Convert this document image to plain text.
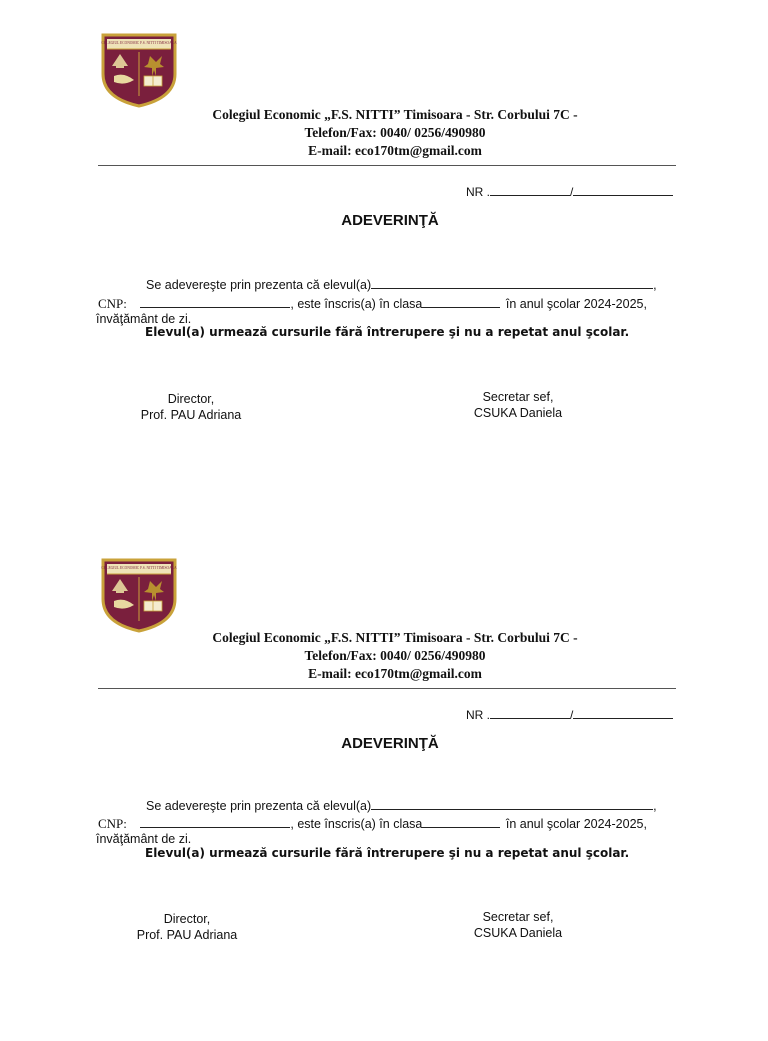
COLEGIUL ECONOMIC F.S. NITTI TIMISOARA
Colegiul Economic „F.S. NITTI” Timisoara - Str. Corbului 7C -
Telefon/Fax: 0040/ 0256/490980
E-mail: eco170tm@gmail.com
NR .	/
ADEVERINŢĂ
Se adevereşte prin prezenta că elevul(a)	,
CNP:	, este înscris(a) în clasa	în anul şcolar 2024-2025,
învăţământ de zi.
Elevul(a) urmează cursurile fără întrerupere şi nu a repetat anul şcolar.
Director,
Prof. PAU Adriana
Secretar sef,
CSUKA Daniela
COLEGIUL ECONOMIC F.S. NITTI TIMISOARA
Colegiul Economic „F.S. NITTI” Timisoara - Str. Corbului 7C -
Telefon/Fax: 0040/ 0256/490980
E-mail: eco170tm@gmail.com
NR .	/
ADEVERINŢĂ
Se adevereşte prin prezenta că elevul(a)	,
CNP:	, este înscris(a) în clasa	în anul şcolar 2024-2025,
învăţământ de zi.
Elevul(a) urmează cursurile fără întrerupere şi nu a repetat anul şcolar.
Director,
Prof. PAU Adriana
Secretar sef,
CSUKA Daniela
